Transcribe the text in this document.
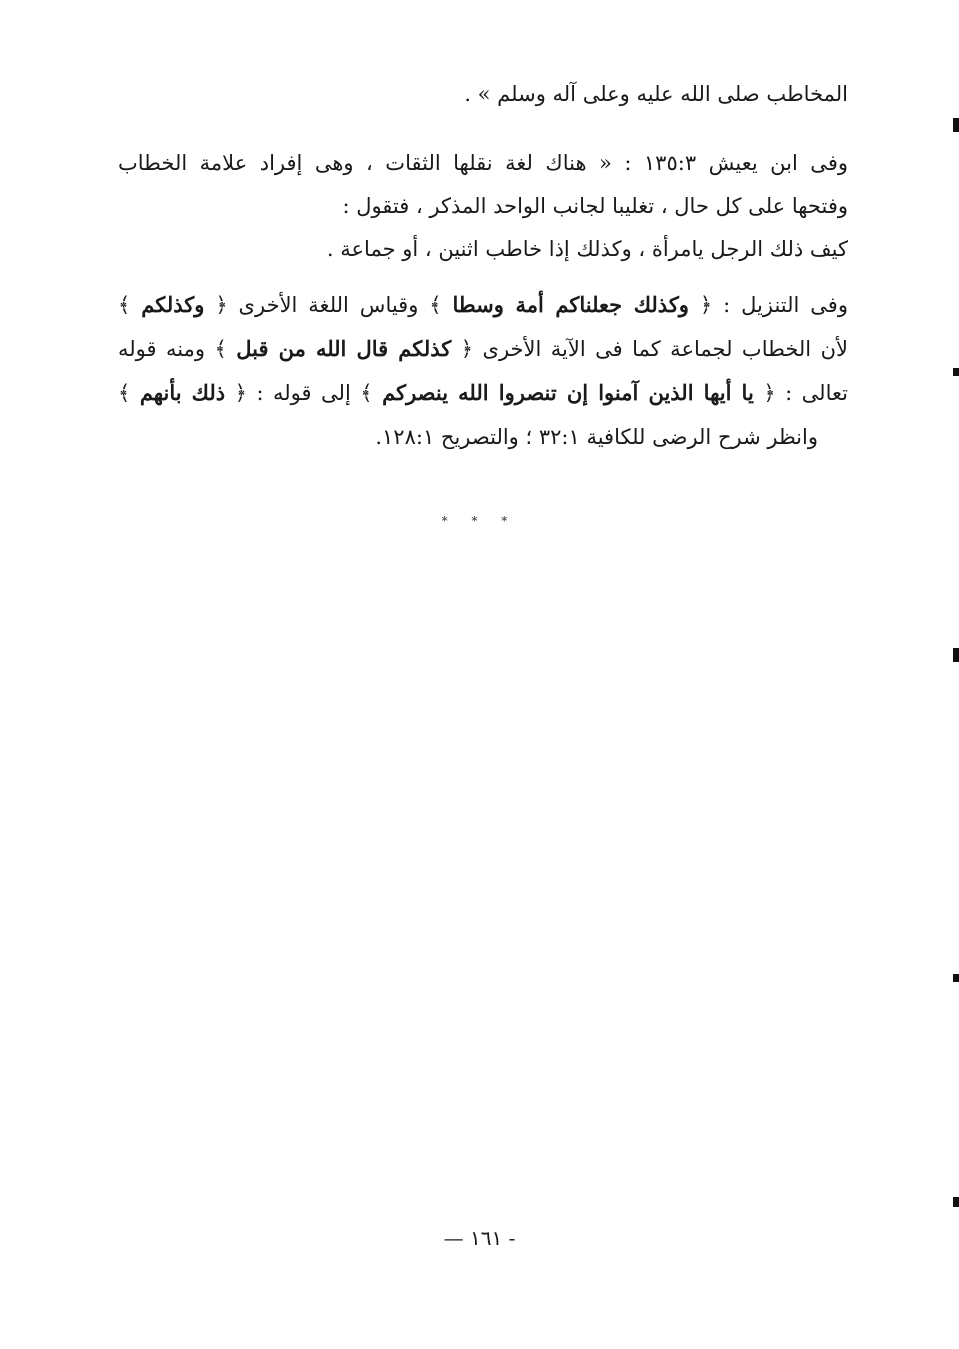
المخاطب صلى الله عليه وعلى آله وسلم » .
وفى ابن يعيش ١٣٥:٣ : « هناك لغة نقلها الثقات ، وهى إفراد علامة الخطاب
وفتحها على كل حال ، تغليبا لجانب الواحد المذكر ، فتقول :
كيف ذلك الرجل يامرأة ، وكذلك إذا خاطب اثنين ، أو جماعة .
وفى التنزيل : ﴿ وكذلك جعلناكم أمة وسطا ﴾ وقياس اللغة الأخرى ﴿ وكذلكم ﴾
لأن الخطاب لجماعة كما فى الآية الأخرى ﴿ كذلكم قال الله من قبل ﴾ ومنه قوله
تعالى : ﴿ يا أيها الذين آمنوا إن تنصروا الله ينصركم ﴾ إلى قوله : ﴿ ذلك بأنهم ﴾
وانظر شرح الرضى للكافية ٣٢:١ ؛ والتصريح ١٢٨:١.
* * *
- ١٦١ —
